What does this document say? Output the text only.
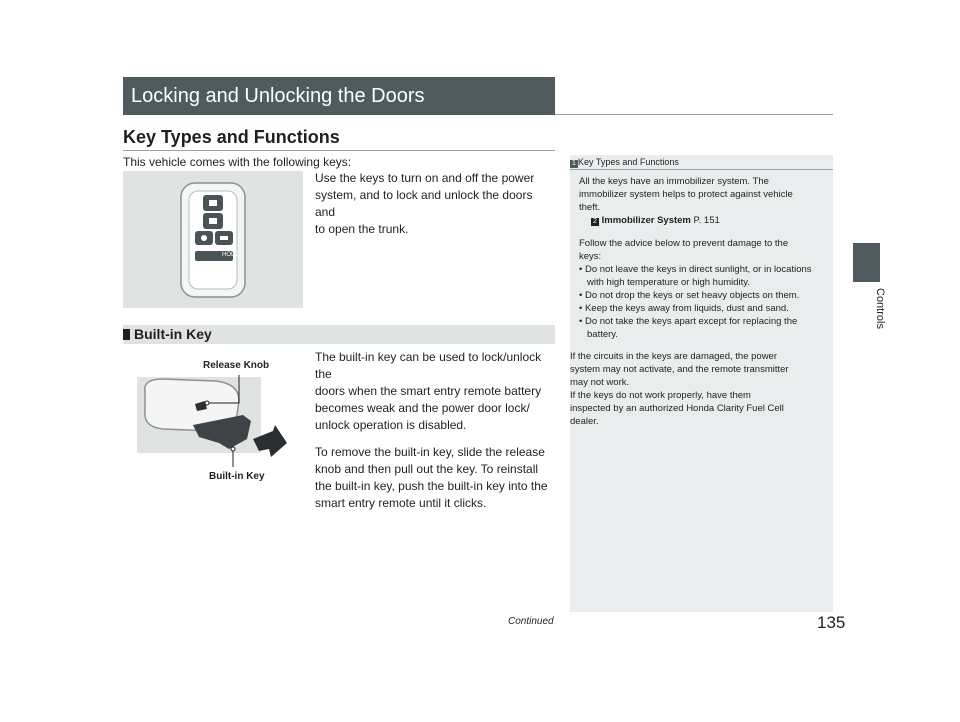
Locking and Unlocking the Doors
Key Types and Functions
This vehicle comes with the following keys:
HOLD
Use the keys to turn on and off the power
system, and to lock and unlock the doors and
to open the trunk.
Built-in Key
Release Knob
Built-in Key
The built-in key can be used to lock/unlock the
doors when the smart entry remote battery
becomes weak and the power door lock/
unlock operation is disabled.
To remove the built-in key, slide the release
knob and then pull out the key. To reinstall
the built-in key, push the built-in key into the
smart entry remote until it clicks.
1 Key Types and Functions
All the keys have an immobilizer system. The
immobilizer system helps to protect against vehicle
theft.
2 Immobilizer System P. 151
Follow the advice below to prevent damage to the
keys:
• Do not leave the keys in direct sunlight, or in locations with high temperature or high humidity.
• Do not drop the keys or set heavy objects on them.
• Keep the keys away from liquids, dust and sand.
• Do not take the keys apart except for replacing the battery.
If the circuits in the keys are damaged, the power
system may not activate, and the remote transmitter
may not work.
If the keys do not work properly, have them
inspected by an authorized Honda Clarity Fuel Cell
dealer.
Controls
Continued	135
